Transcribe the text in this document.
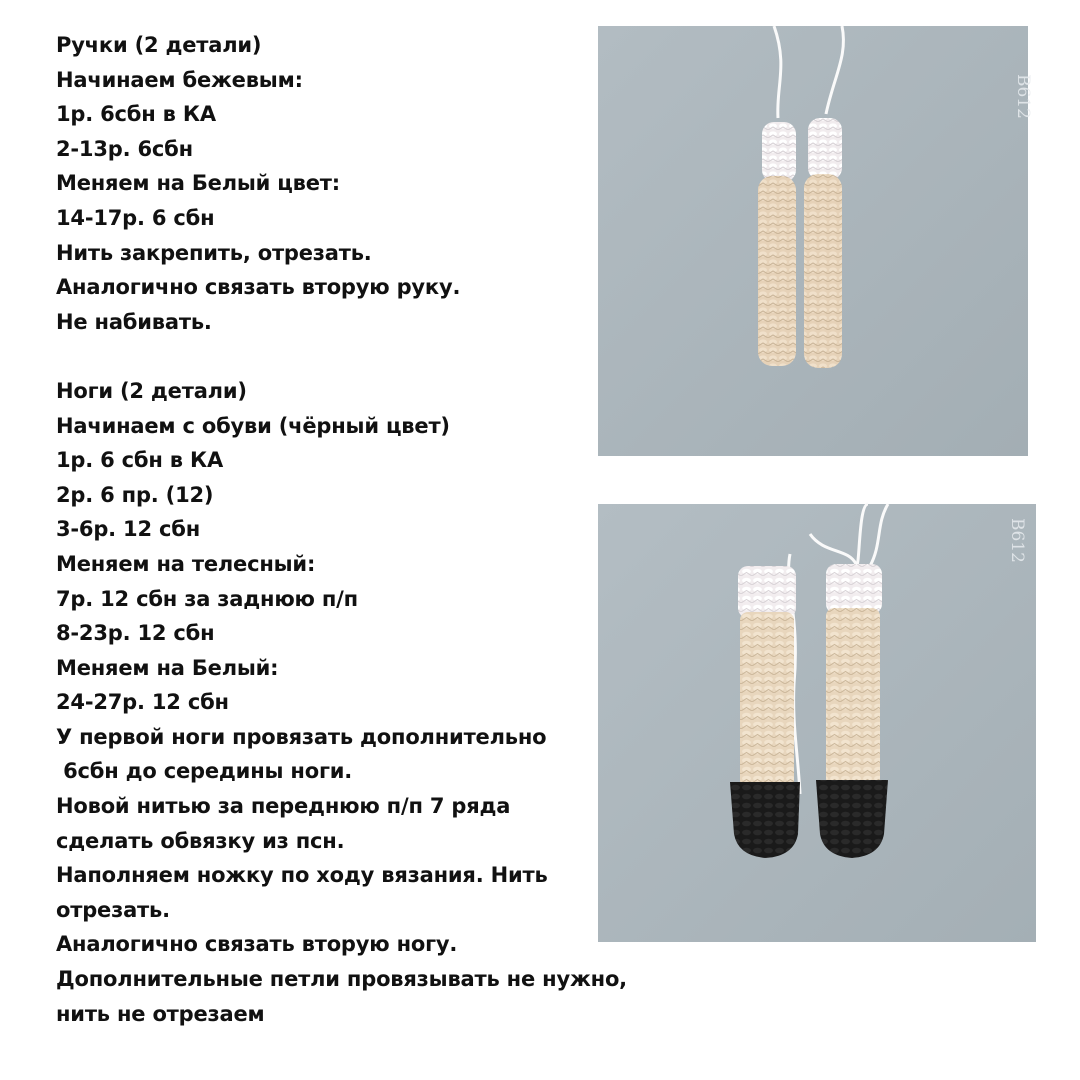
Ручки (2 детали)
Начинаем бежевым:
1р. 6сбн в КА
2-13р. 6сбн
Меняем на Белый цвет:
14-17р. 6 сбн
Нить закрепить, отрезать.
Аналогично связать вторую руку.
Не набивать.
Ноги (2 детали)
Начинаем с обуви (чёрный цвет)
1р. 6 сбн в КА
2р. 6 пр. (12)
3-6р. 12 сбн
Меняем на телесный:
7р. 12 сбн за заднюю п/п
8-23р. 12 сбн
Меняем на Белый:
24-27р. 12 сбн
У первой ноги провязать дополнительно
6сбн до середины ноги.
Новой нитью за переднюю п/п 7 ряда
сделать обвязку из псн.
Наполняем ножку по ходу вязания. Нить
отрезать.
Аналогично связать вторую ногу.
Дополнительные петли провязывать не нужно,
нить не отрезаем
B612
B612
